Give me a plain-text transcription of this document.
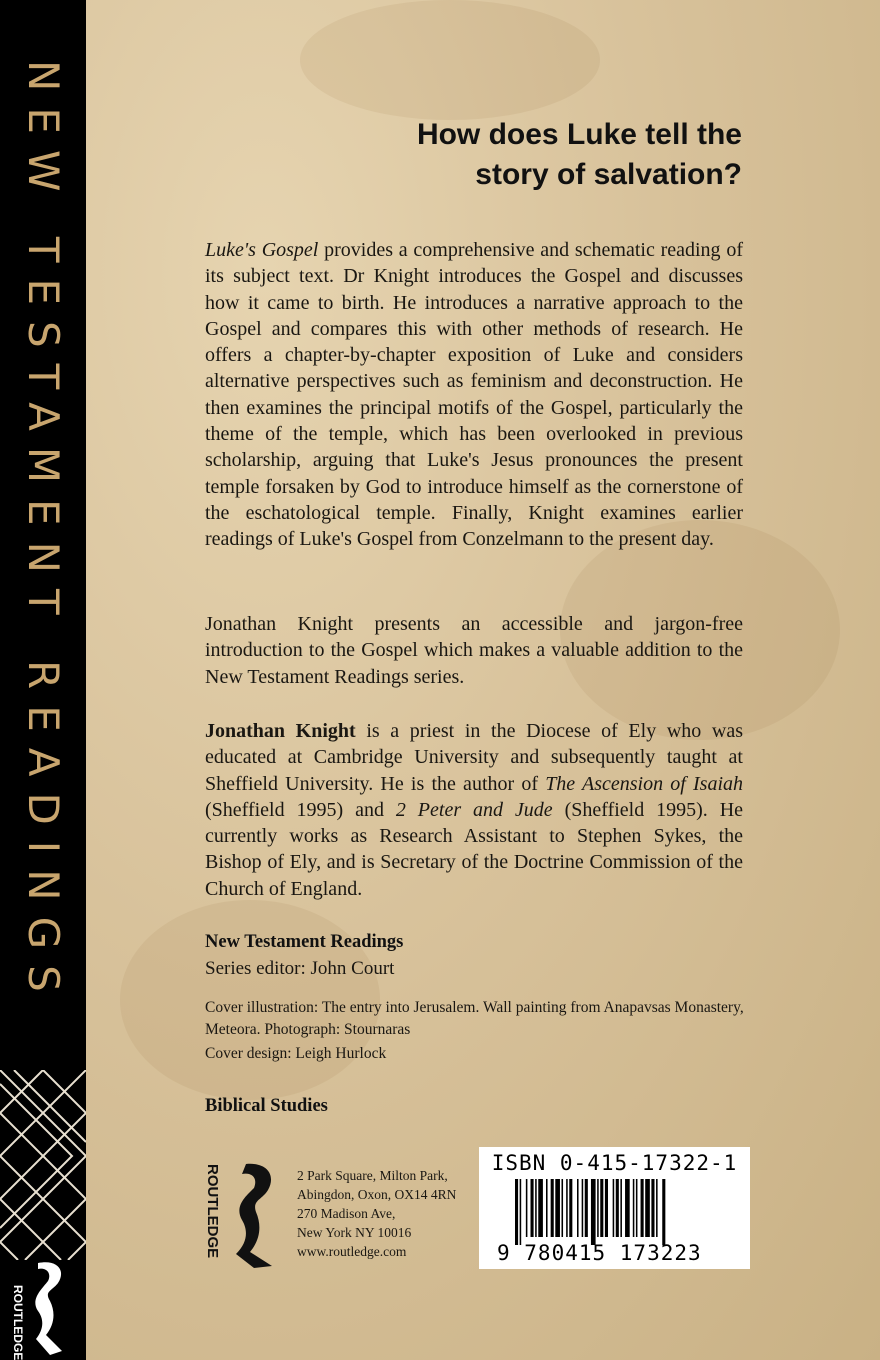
NEW TESTAMENT READINGS
ROUTLEDGE
How does Luke tell the
story of salvation?
Luke's Gospel provides a comprehensive and schematic reading of its subject text. Dr Knight introduces the Gospel and discusses how it came to birth. He introduces a narrative approach to the Gospel and compares this with other methods of research. He offers a chapter-by-chapter exposition of Luke and considers alternative perspectives such as feminism and deconstruction. He then examines the principal motifs of the Gospel, particularly the theme of the temple, which has been overlooked in previous scholarship, arguing that Luke's Jesus pronounces the present temple forsaken by God to introduce himself as the cornerstone of the eschatological temple. Finally, Knight examines earlier readings of Luke's Gospel from Conzelmann to the present day.
Jonathan Knight presents an accessible and jargon-free introduction to the Gospel which makes a valuable addition to the New Testament Readings series.
Jonathan Knight is a priest in the Diocese of Ely who was educated at Cambridge University and subsequently taught at Sheffield University. He is the author of The Ascension of Isaiah (Sheffield 1995) and 2 Peter and Jude (Sheffield 1995). He currently works as Research Assistant to Stephen Sykes, the Bishop of Ely, and is Secretary of the Doctrine Commission of the Church of England.
New Testament Readings
Series editor: John Court
Cover illustration: The entry into Jerusalem. Wall painting from Anapavsas Monastery, Meteora. Photograph: Stournaras
Cover design: Leigh Hurlock
Biblical Studies
ROUTLEDGE	2 Park Square, Milton Park,
Abingdon, Oxon, OX14 4RN
270 Madison Ave,
New York NY 10016
www.routledge.com
ISBN 0-415-17322-1
9 780415 173223
